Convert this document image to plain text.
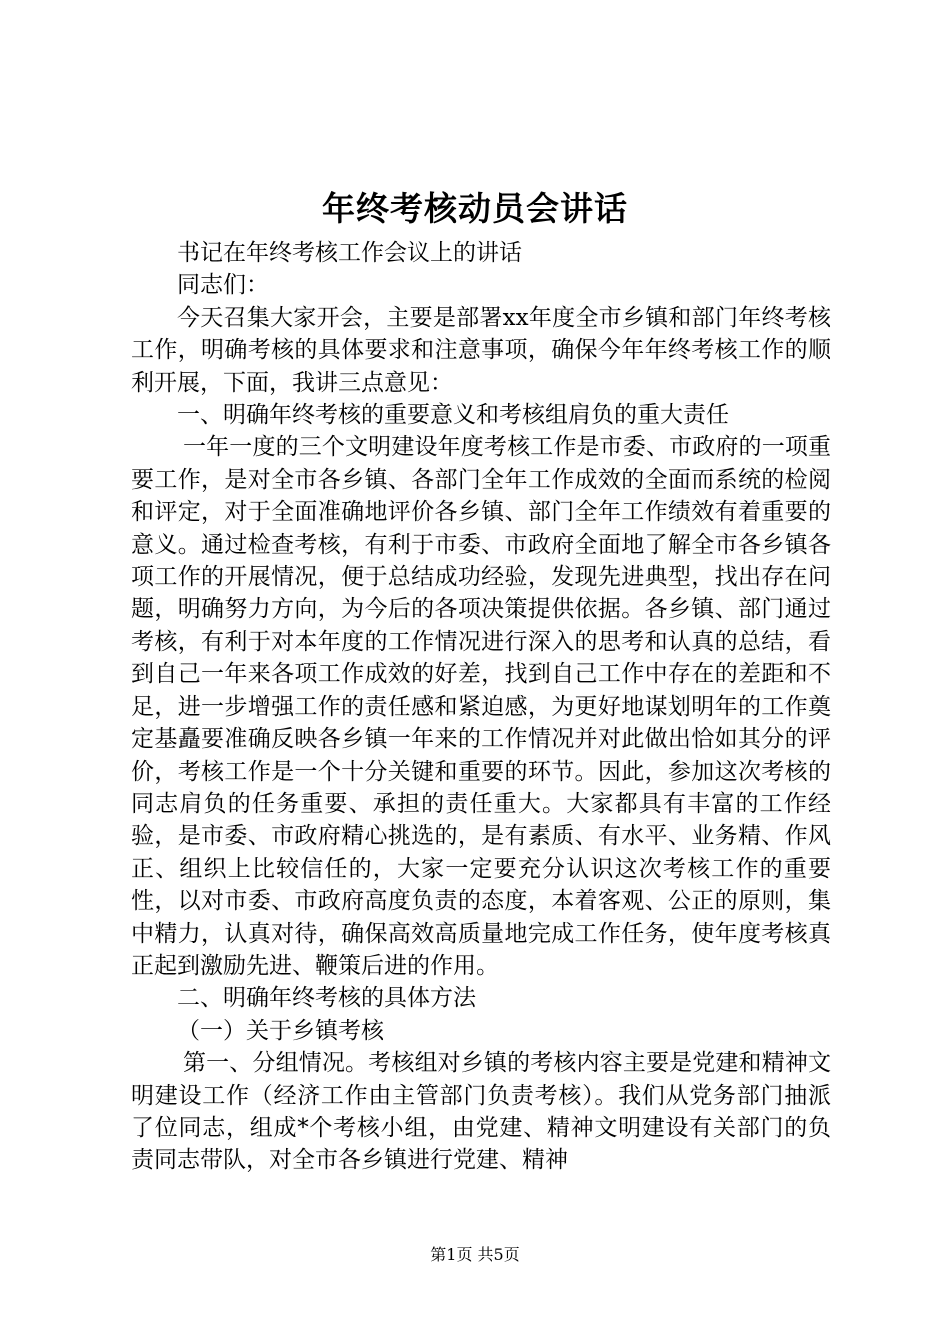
年终考核动员会讲话

书记在年终考核工作会议上的讲话

同志们：

今天召集大家开会，主要是部署xx年度全市乡镇和部门年终考核工作，明确考核的具体要求和注意事项，确保今年年终考核工作的顺利开展，下面，我讲三点意见：

一、明确年终考核的重要意义和考核组肩负的重大责任

一年一度的三个文明建设年度考核工作是市委、市政府的一项重要工作，是对全市各乡镇、各部门全年工作成效的全面而系统的检阅和评定，对于全面准确地评价各乡镇、部门全年工作绩效有着重要的意义。通过检查考核，有利于市委、市政府全面地了解全市各乡镇各项工作的开展情况，便于总结成功经验，发现先进典型，找出存在问题，明确努力方向，为今后的各项决策提供依据。各乡镇、部门通过考核，有利于对本年度的工作情况进行深入的思考和认真的总结，看到自己一年来各项工作成效的好差，找到自己工作中存在的差距和不足，进一步增强工作的责任感和紧迫感，为更好地谋划明年的工作奠定基矗要准确反映各乡镇一年来的工作情况并对此做出恰如其分的评价，考核工作是一个十分关键和重要的环节。因此，参加这次考核的同志肩负的任务重要、承担的责任重大。大家都具有丰富的工作经验，是市委、市政府精心挑选的，是有素质、有水平、业务精、作风正、组织上比较信任的，大家一定要充分认识这次考核工作的重要性，以对市委、市政府高度负责的态度，本着客观、公正的原则，集中精力，认真对待，确保高效高质量地完成工作任务，使年度考核真正起到激励先进、鞭策后进的作用。

二、明确年终考核的具体方法

（一）关于乡镇考核

第一、分组情况。考核组对乡镇的考核内容主要是党建和精神文明建设工作（经济工作由主管部门负责考核）。我们从党务部门抽派了位同志，组成*个考核小组，由党建、精神文明建设有关部门的负责同志带队，对全市各乡镇进行党建、精神

第1页 共5页
